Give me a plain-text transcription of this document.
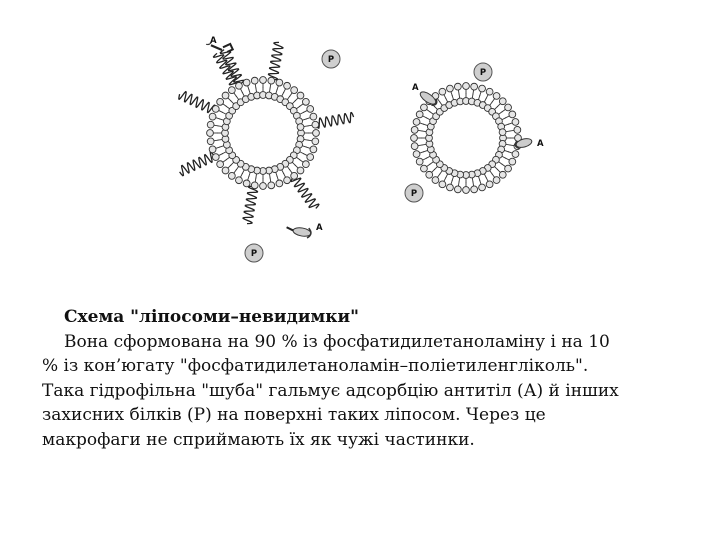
A
P
P
A
P
A
A
P
Схема "ліпосоми–невидимки"
Вона сформована на 90 % із фосфатидилетаноламіну і на 10
% із кон’югату "фосфатидилетаноламін–поліетиленгліколь".
Така гідрофільна "шуба" гальмує адсорбцію антитіл (А) й інших
захисних білків (Р) на поверхні таких ліпосом. Через це
макрофаги не сприймають їх як чужі частинки.
